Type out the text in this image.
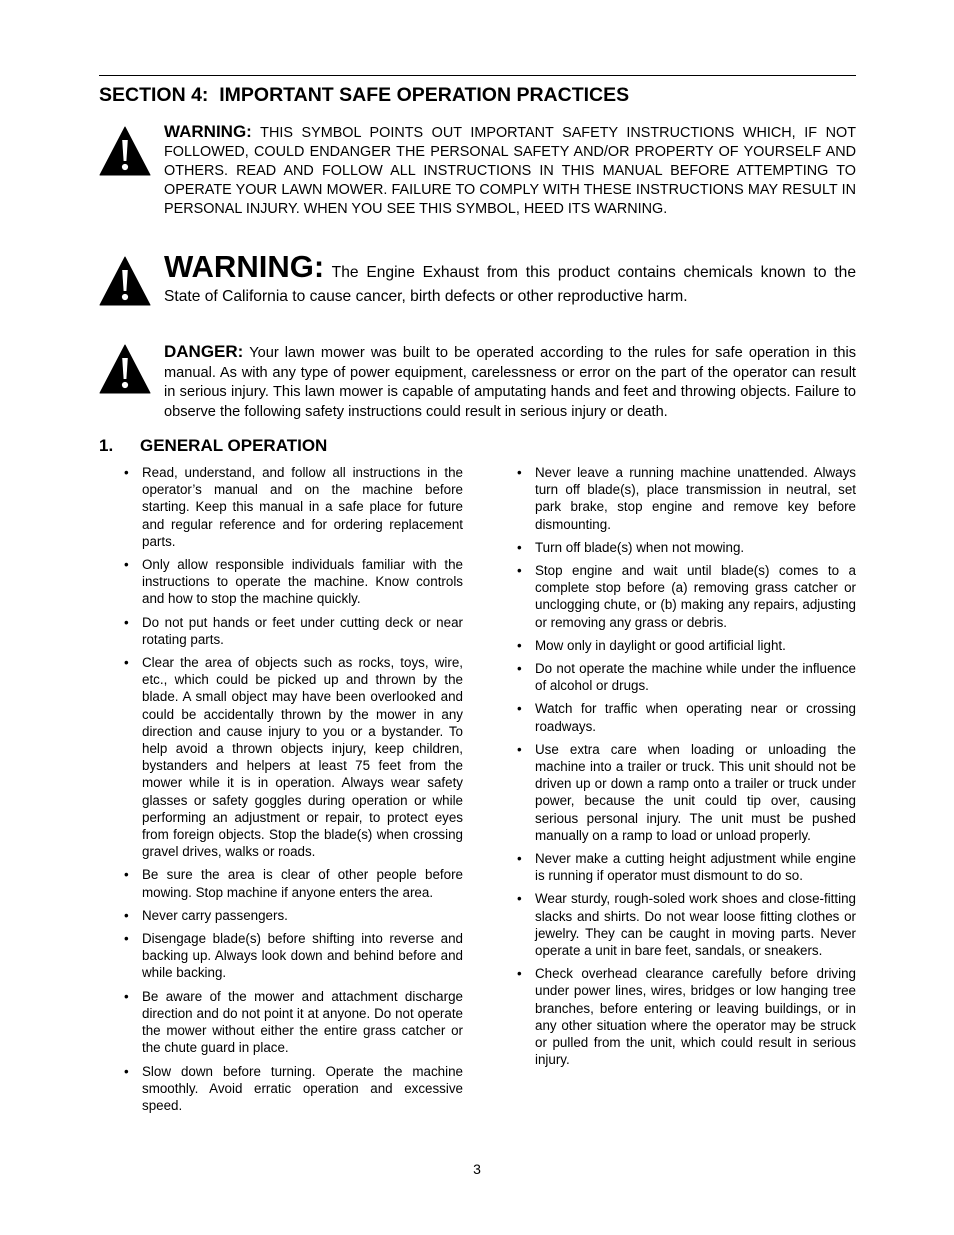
SECTION 4:  IMPORTANT SAFE OPERATION PRACTICES

WARNING: THIS SYMBOL POINTS OUT IMPORTANT SAFETY INSTRUCTIONS WHICH, IF NOT FOLLOWED, COULD ENDANGER THE PERSONAL SAFETY AND/OR PROPERTY OF YOURSELF AND OTHERS. READ AND FOLLOW ALL INSTRUCTIONS IN THIS MANUAL BEFORE ATTEMPTING TO OPERATE YOUR LAWN MOWER. FAILURE TO COMPLY WITH THESE INSTRUCTIONS MAY RESULT IN PERSONAL INJURY. WHEN YOU SEE THIS SYMBOL, HEED ITS WARNING.

WARNING: The Engine Exhaust from this product contains chemicals known to the State of California to cause cancer, birth defects or other reproductive harm.

DANGER: Your lawn mower was built to be operated according to the rules for safe operation in this manual. As with any type of power equipment, carelessness or error on the part of the operator can result in serious injury. This lawn mower is capable of amputating hands and feet and throwing objects. Failure to observe the following safety instructions could result in serious injury or death.

1. GENERAL OPERATION
• Read, understand, and follow all instructions in the operator’s manual and on the machine before starting. Keep this manual in a safe place for future and regular reference and for ordering replacement parts.
• Only allow responsible individuals familiar with the instructions to operate the machine. Know controls and how to stop the machine quickly.
• Do not put hands or feet under cutting deck or near rotating parts.
• Clear the area of objects such as rocks, toys, wire, etc., which could be picked up and thrown by the blade. A small object may have been overlooked and could be accidentally thrown by the mower in any direction and cause injury to you or a bystander. To help avoid a thrown objects injury, keep children, bystanders and helpers at least 75 feet from the mower while it is in operation. Always wear safety glasses or safety goggles during operation or while performing an adjustment or repair, to protect eyes from foreign objects. Stop the blade(s) when crossing gravel drives, walks or roads.
• Be sure the area is clear of other people before mowing. Stop machine if anyone enters the area.
• Never carry passengers.
• Disengage blade(s) before shifting into reverse and backing up. Always look down and behind before and while backing.
• Be aware of the mower and attachment discharge direction and do not point it at anyone. Do not operate the mower without either the entire grass catcher or the chute guard in place.
• Slow down before turning. Operate the machine smoothly. Avoid erratic operation and excessive speed.
• Never leave a running machine unattended. Always turn off blade(s), place transmission in neutral, set park brake, stop engine and remove key before dismounting.
• Turn off blade(s) when not mowing.
• Stop engine and wait until blade(s) comes to a complete stop before (a) removing grass catcher or unclogging chute, or (b) making any repairs, adjusting or removing any grass or debris.
• Mow only in daylight or good artificial light.
• Do not operate the machine while under the influence of alcohol or drugs.
• Watch for traffic when operating near or crossing roadways.
• Use extra care when loading or unloading the machine into a trailer or truck. This unit should not be driven up or down a ramp onto a trailer or truck under power, because the unit could tip over, causing serious personal injury. The unit must be pushed manually on a ramp to load or unload properly.
• Never make a cutting height adjustment while engine is running if operator must dismount to do so.
• Wear sturdy, rough-soled work shoes and close-fitting slacks and shirts. Do not wear loose fitting clothes or jewelry. They can be caught in moving parts. Never operate a unit in bare feet, sandals, or sneakers.
• Check overhead clearance carefully before driving under power lines, wires, bridges or low hanging tree branches, before entering or leaving buildings, or in any other situation where the operator may be struck or pulled from the unit, which could result in serious injury.
3
